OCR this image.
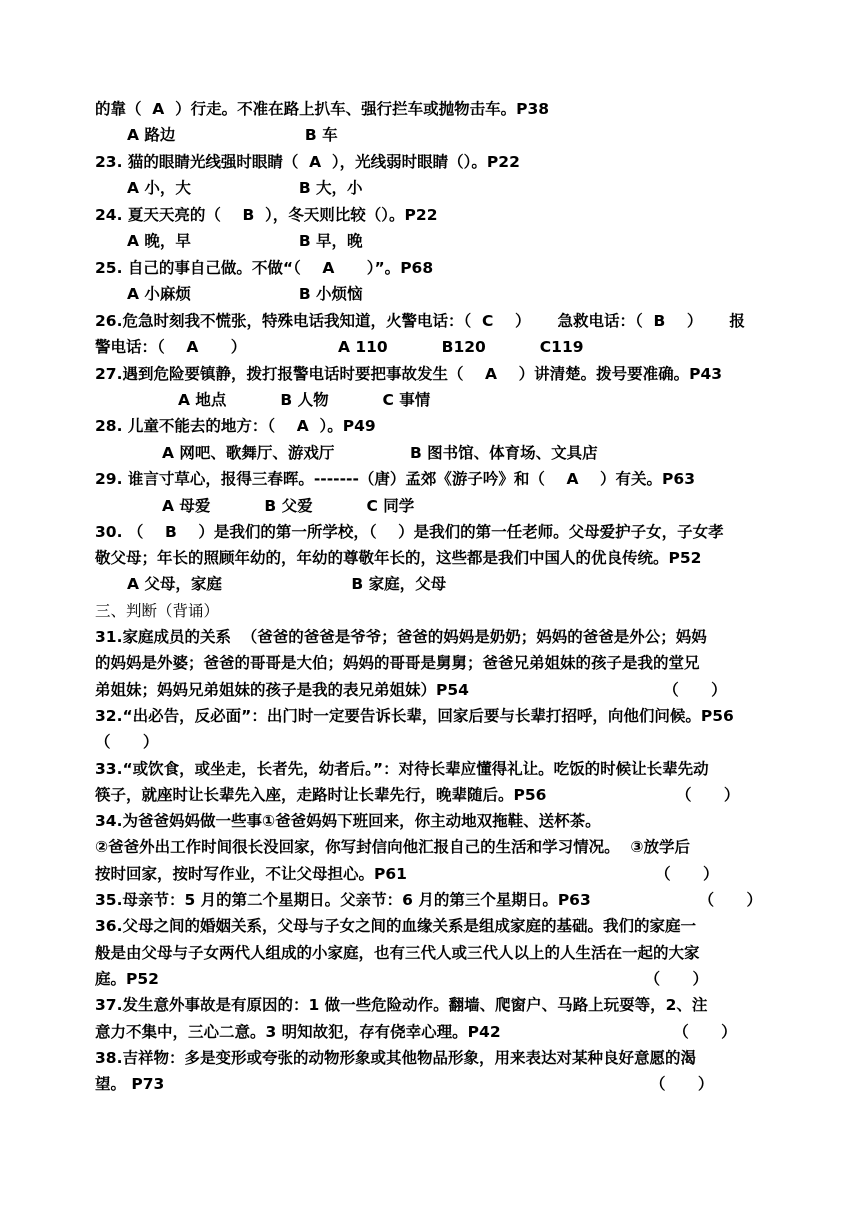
的靠（  A  ）行走。不准在路上扒车、强行拦车或抛物击车。P38
A 路边                        B 车
23. 猫的眼睛光线强时眼睛（  A  ），光线弱时眼睛（）。P22
A 小，大                    B 大，小
24. 夏天天亮的（    B  ），冬天则比较（）。P22
A 晚，早                    B 早，晚
25. 自己的事自己做。不做“（    A      ）”。P68
A 小麻烦                    B 小烦恼
26.危急时刻我不慌张，特殊电话我知道，火警电话：（  C    ）     急救电话：（  B    ）     报
警电话：（    A      ）                 A 110          B120          C119
27.遇到危险要镇静，拨打报警电话时要把事故发生（    A    ）讲清楚。拨号要准确。P43
A 地点          B 人物          C 事情
28. 儿童不能去的地方：（    A  ）。P49
A 网吧、歌舞厅、游戏厅              B 图书馆、体育场、文具店
29. 谁言寸草心，报得三春晖。-------（唐）孟郊《游子吟》和（    A    ）有关。P63
A 母爱          B 父爱          C 同学
30. （    B    ）是我们的第一所学校，（    ）是我们的第一任老师。父母爱护子女，子女孝
敬父母；年长的照顾年幼的，年幼的尊敬年长的，这些都是我们中国人的优良传统。P52
A 父母，家庭                        B 家庭，父母
三、判断（背诵）
31.家庭成员的关系  （爸爸的爸爸是爷爷；爸爸的妈妈是奶奶；妈妈的爸爸是外公；妈妈
的妈妈是外婆；爸爸的哥哥是大伯；妈妈的哥哥是舅舅；爸爸兄弟姐妹的孩子是我的堂兄
弟姐妹；妈妈兄弟姐妹的孩子是我的表兄弟姐妹）P54                                    （      ）
32.“出必告，反必面”：出门时一定要告诉长辈，回家后要与长辈打招呼，向他们问候。P56
（      ）
33.“或饮食，或坐走，长者先，幼者后。”：对待长辈应懂得礼让。吃饭的时候让长辈先动
筷子，就座时让长辈先入座，走路时让长辈先行，晚辈随后。P56                        （      ）
34.为爸爸妈妈做一些事①爸爸妈妈下班回来，你主动地双拖鞋、送杯茶。
②爸爸外出工作时间很长没回家，你写封信向他汇报自己的生活和学习情况。  ③放学后
按时回家，按时写作业，不让父母担心。P61                                              （      ）
35.母亲节：5 月的第二个星期日。父亲节：6 月的第三个星期日。P63                    （      ）
36.父母之间的婚姻关系，父母与子女之间的血缘关系是组成家庭的基础。我们的家庭一
般是由父母与子女两代人组成的小家庭，也有三代人或三代人以上的人生活在一起的大家
庭。P52                                                                                          （      ）
37.发生意外事故是有原因的：1 做一些危险动作。翻墙、爬窗户、马路上玩耍等，2、注
意力不集中，三心二意。3 明知故犯，存有侥幸心理。P42                                （      ）
38.吉祥物：多是变形或夸张的动物形象或其他物品形象，用来表达对某种良好意愿的渴
望。 P73                                                                                          （      ）
